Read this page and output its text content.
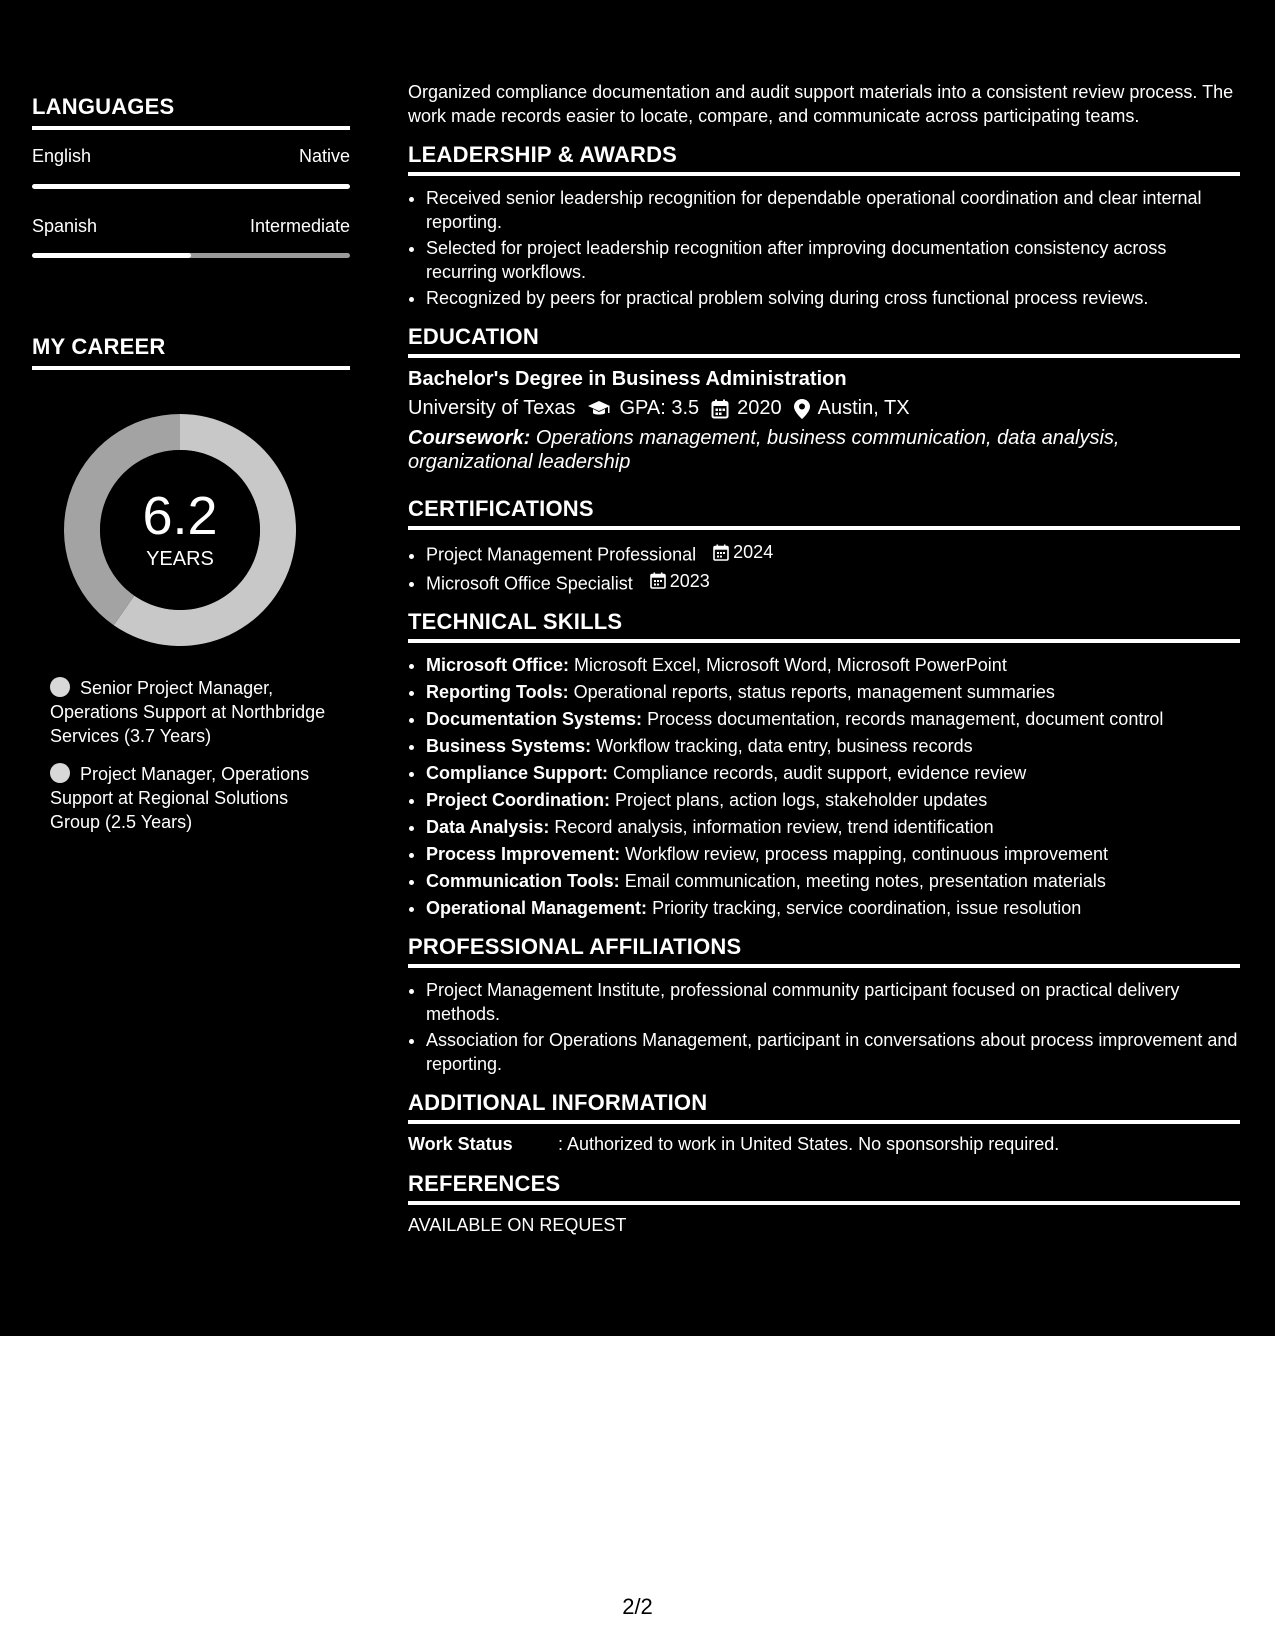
LANGUAGES
English	Native
Spanish	Intermediate
MY CAREER
6.2
YEARS
Senior Project Manager, Operations Support at Northbridge Services (3.7 Years)
Project Manager, Operations Support at Regional Solutions Group (2.5 Years)

Organized compliance documentation and audit support materials into a consistent review process. The work made records easier to locate, compare, and communicate across participating teams.

LEADERSHIP & AWARDS
• Received senior leadership recognition for dependable operational coordination and clear internal reporting.
• Selected for project leadership recognition after improving documentation consistency across recurring workflows.
• Recognized by peers for practical problem solving during cross functional process reviews.
EDUCATION
Bachelor's Degree in Business Administration
University of Texas GPA: 3.5 2020 Austin, TX
Coursework: Operations management, business communication, data analysis, organizational leadership
CERTIFICATIONS
• Project Management Professional 2024
• Microsoft Office Specialist 2023
TECHNICAL SKILLS
• Microsoft Office: Microsoft Excel, Microsoft Word, Microsoft PowerPoint
• Reporting Tools: Operational reports, status reports, management summaries
• Documentation Systems: Process documentation, records management, document control
• Business Systems: Workflow tracking, data entry, business records
• Compliance Support: Compliance records, audit support, evidence review
• Project Coordination: Project plans, action logs, stakeholder updates
• Data Analysis: Record analysis, information review, trend identification
• Process Improvement: Workflow review, process mapping, continuous improvement
• Communication Tools: Email communication, meeting notes, presentation materials
• Operational Management: Priority tracking, service coordination, issue resolution
PROFESSIONAL AFFILIATIONS
• Project Management Institute, professional community participant focused on practical delivery methods.
• Association for Operations Management, participant in conversations about process improvement and reporting.
ADDITIONAL INFORMATION
Work Status	: Authorized to work in United States. No sponsorship required.
REFERENCES
AVAILABLE ON REQUEST
2/2
